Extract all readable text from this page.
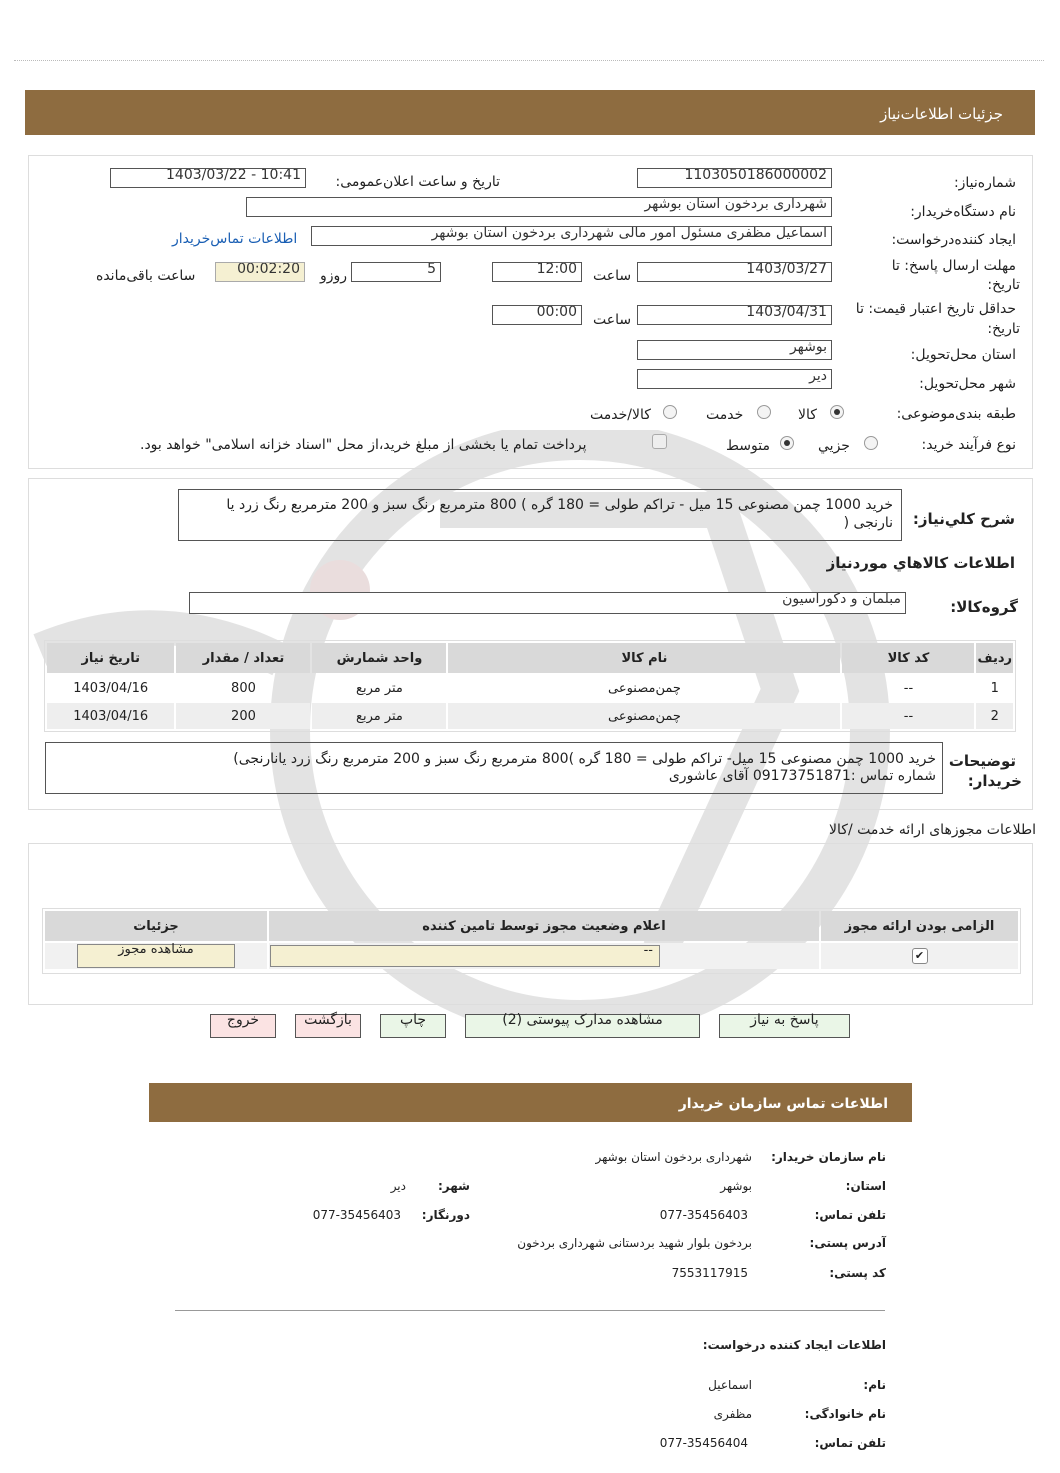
جزئیات اطلاعات‌نیاز
شماره‌نیاز:
1103050186000002
تاریخ و ساعت اعلان‌عمومی:
1403/03/22 - 10:41
نام دستگاه‌خریدار:
شهرداری بردخون استان بوشهر
ایجاد کننده‌درخواست:
اسماعیل مظفری مسئول امور مالی شهرداری بردخون استان بوشهر
اطلاعات تماس‌خریدار
مهلت ارسال پاسخ: تا
تاریخ:
1403/03/27
ساعت
12:00
5
روزو
00:02:20
ساعت باقی‌مانده
حداقل تاریخ اعتبار قیمت: تا
تاریخ:
1403/04/31
ساعت
00:00
استان محل‌تحویل:
بوشهر
شهر محل‌تحویل:
دیر
طبقه بندی‌موضوعی:
کالا
خدمت
کالا/خدمت
نوع فرآیند خرید:
جزیي
متوسط
پرداخت تمام یا بخشی از مبلغ خرید،از محل "اسناد خزانه اسلامی" خواهد بود.
شرح کلي‌نیاز:
خرید 1000 چمن مصنوعی 15 میل - تراکم طولی = 180 گره ) 800 مترمربع رنگ سبز و 200 مترمربع رنگ زرد یا نارنجی (
اطلاعات کالاهاي موردنیاز
گروه‌کالا:
مبلمان و دکوراسیون
ردیف	کد کالا	نام کالا	واحد شمارش	تعداد / مقدار	تاریخ نیاز
1	--	چمن‌مصنوعی	متر مربع	800	1403/04/16
2	--	چمن‌مصنوعی	متر مربع	200	1403/04/16
توضیحات
خریدار:
خرید 1000 چمن مصنوعی 15 میل- تراکم طولی = 180 گره )800 مترمربع رنگ سبز و 200 مترمربع رنگ زرد یانارنجی)
شماره تماس :09173751871 آقای عاشوری
اطلاعات مجوزهای ارائه خدمت /کالا
الزامی بودن ارائه مجوز	اعلام وضعیت مجوز توسط تامین کننده	جزئیات
✔	--	مشاهده مجوز
پاسخ به نیاز
مشاهده مدارک پیوستی (2)
چاپ
بازگشت
خروج
اطلاعات تماس سازمان خریدار
نام سازمان خریدار:
شهرداری بردخون استان بوشهر
استان:
بوشهر
شهر:
دیر
تلفن تماس:
077-35456403
دورنگار:
077-35456403
آدرس پستی:
بردخون بلوار شهید بردستانی شهرداری بردخون
کد پستی:
7553117915
اطلاعات ایجاد کننده درخواست:
نام:
اسماعیل
نام خانوادگی:
مظفری
تلفن تماس:
077-35456404
